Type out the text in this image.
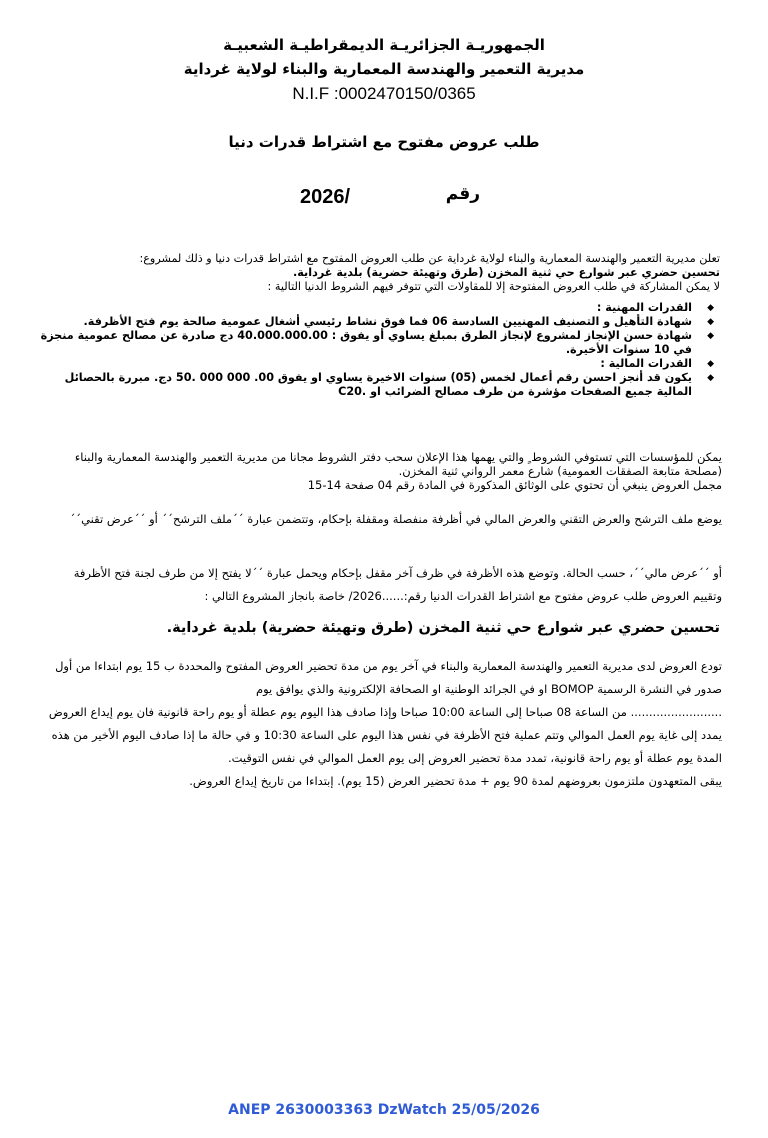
الجمهوريـة الجزائريـة الديمقراطيـة الشعبيـة
مديرية التعمير والهندسة المعمارية والبناء لولاية غرداية
N.I.F :0002470150/0365
طلب عروض مفتوح مع اشتراط قدرات دنيا
2026/	رقم
تعلن مديرية التعمير والهندسة المعمارية والبناء لولاية غرداية عن طلب العروض المفتوح مع اشتراط قدرات دنيا و ذلك لمشروع:
تحسين حضري عبر شوارع حي ثنية المخزن (طرق وتهيئة حضرية) بلدية غرداية.
لا يمكن المشاركة في طلب العروض المفتوحة إلا للمقاولات التي تتوفر فيهم الشروط الدنيا التالية :
◆
القدرات المهنية :
◆
شهادة التأهيل و التصنيف المهنيين السادسة 06 فما فوق نشاط رئيسي أشغال عمومية صالحة يوم فتح الأظرفة.
◆
شهادة حسن الإنجاز لمشروع لإنجاز الطرق بمبلغ يساوي أو يفوق : 40.000.000.00 دج صادرة عن مصالح عمومية منجزة في 10 سنوات الأخيرة.
◆
القدرات المالية :
◆
يكون قد أنجز احسن رقم أعمال لخمس (05) سنوات الاخيرة يساوي او يفوق 00. 000 000 .50 دج. مبررة بالحصائل المالية جميع الصفحات مؤشرة من طرف مصالح الضرائب او .C20
يمكن للمؤسسات التي تستوفي الشروط ٍ والتي يهمها هذا الإعلان سحب دفتر الشروط مجانا من مديرية التعمير والهندسة المعمارية والبناء (مصلحة متابعة الصفقات العمومية) شارع معمر الرواني ثنية المخزن.
مجمل العروض ينبغي أن تحتوي على الوثائق المذكورة في المادة رقم 04 صفحة 14-15
يوضع ملف الترشح والعرض التقني والعرض المالي في أظرفة منفصلة ومقفلة بإحكام، وتتضمن عبارة ´´ملف الترشح´´ أو ´´عرض تقني´´
أو ´´عرض مالي´´، حسب الحالة. وتوضع هذه الأظرفة في ظرف آخر مقفل بإحكام ويحمل عبارة ´´لا يفتح إلا من طرف لجنة فتح الأظرفة وتقييم العروض طلب عروض مفتوح مع اشتراط القدرات الدنيا رقم:......2026/ خاصة بانجاز المشروع التالي :
تحسين حضري عبر شوارع حي ثنية المخزن (طرق وتهيئة حضرية) بلدية غرداية.
تودع العروض لدى مديرية التعمير والهندسة المعمارية والبناء في آخر يوم من مدة تحضير العروض المفتوح والمحددة ب 15 يوم ابتداءا من أول صدور في النشرة الرسمية BOMOP او في الجرائد الوطنية او الصحافة الإلكترونية والذي يوافق يوم
......................... من الساعة 08 صباحا إلى الساعة 10:00 صباحا وإذا صادف هذا اليوم يوم عطلة أو يوم راحة قانونية فان يوم إيداع العروض يمدد إلى غاية يوم العمل الموالي وتتم عملية فتح الأظرفة في نفس هذا اليوم على الساعة 10:30 و في حالة ما إذا صادف اليوم الأخير من هذه المدة يوم عطلة أو يوم راحة قانونية، تمدد مدة تحضير العروض إلى يوم العمل الموالي في نفس التوقيت.
يبقى المتعهدون ملتزمون بعروضهم لمدة 90 يوم + مدة تحضير العرض (15 يوم). إبتداءا من تاريخ إيداع العروض.
ANEP 2630003363 DzWatch 25/05/2026
